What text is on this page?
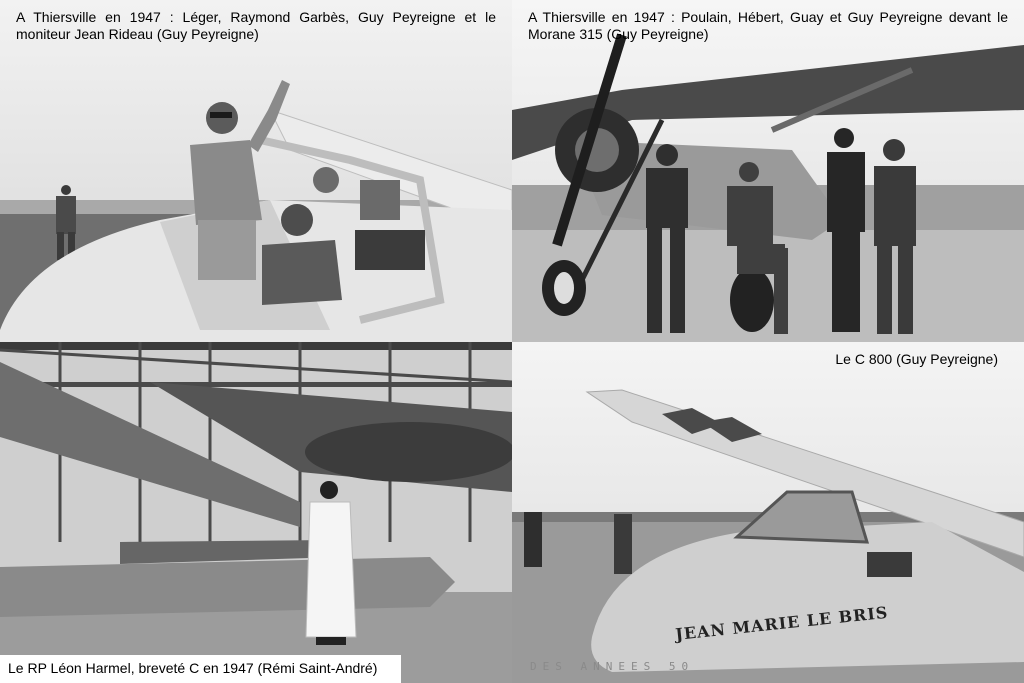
JEAN MARIE LE BRIS
DES ANNEES 50
A Thiersville en 1947 : Léger, Raymond Garbès, Guy Peyreigne et le moniteur Jean Rideau (Guy Peyreigne)
A Thiersville en 1947 : Poulain, Hébert, Guay et Guy Peyreigne devant le Morane 315 (Guy Peyreigne)
Le C 800 (Guy Peyreigne)
Le RP Léon Harmel, breveté C en 1947 (Rémi Saint-André)
